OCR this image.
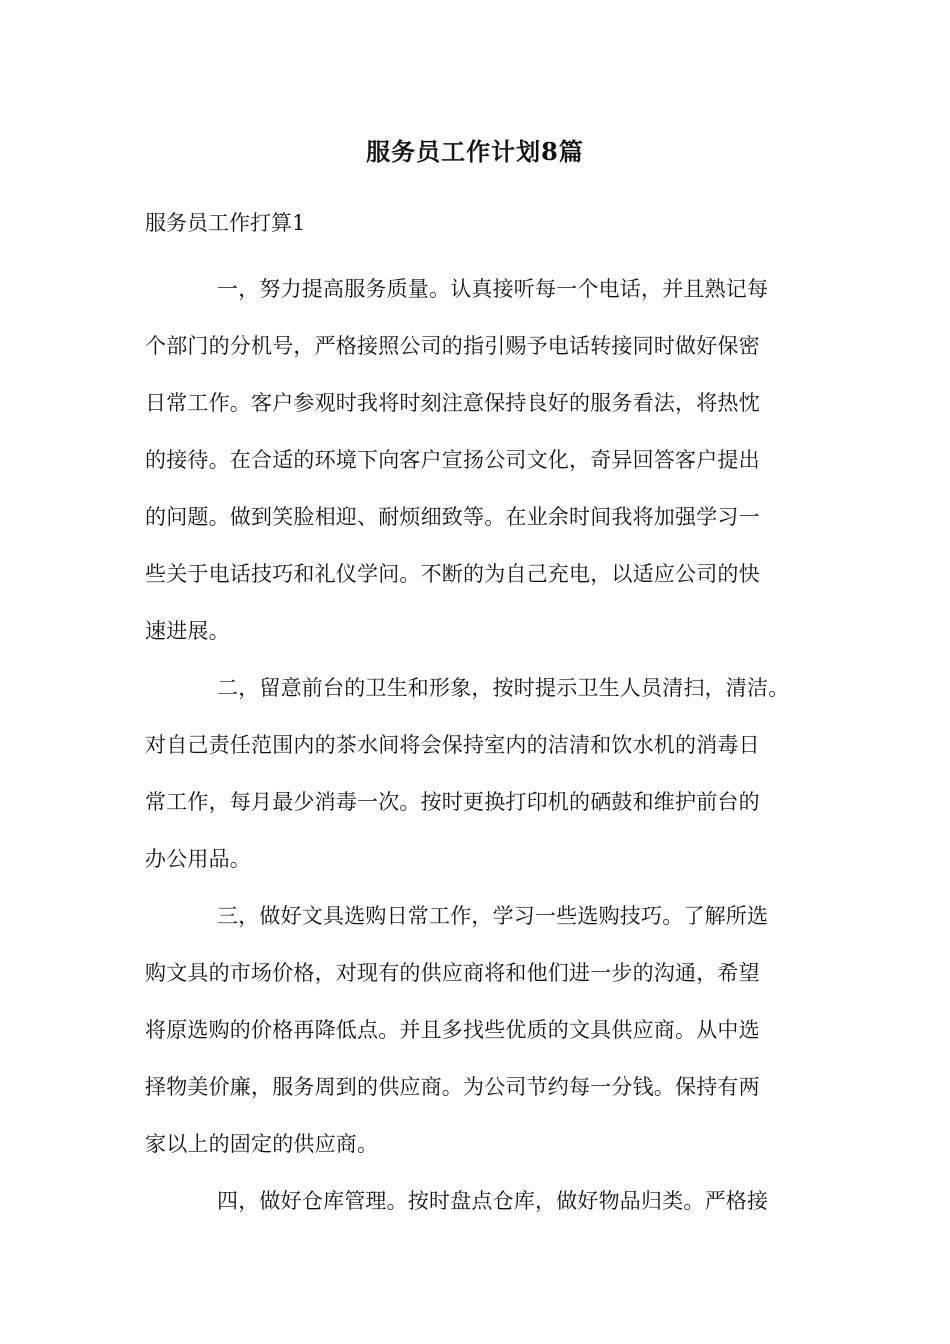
服务员工作计划8篇
服务员工作打算1
一，努力提高服务质量。认真接听每一个电话，并且熟记每
个部门的分机号，严格接照公司的指引赐予电话转接同时做好保密
日常工作。客户参观时我将时刻注意保持良好的服务看法，将热忱
的接待。在合适的环境下向客户宣扬公司文化，奇异回答客户提出
的问题。做到笑脸相迎、耐烦细致等。在业余时间我将加强学习一
些关于电话技巧和礼仪学问。不断的为自己充电，以适应公司的快
速进展。
二，留意前台的卫生和形象，按时提示卫生人员清扫，清洁。
对自己责任范围内的茶水间将会保持室内的洁清和饮水机的消毒日
常工作，每月最少消毒一次。按时更换打印机的硒鼓和维护前台的
办公用品。
三，做好文具选购日常工作，学习一些选购技巧。了解所选
购文具的市场价格，对现有的供应商将和他们进一步的沟通，希望
将原选购的价格再降低点。并且多找些优质的文具供应商。从中选
择物美价廉，服务周到的供应商。为公司节约每一分钱。保持有两
家以上的固定的供应商。
四，做好仓库管理。按时盘点仓库，做好物品归类。严格接
